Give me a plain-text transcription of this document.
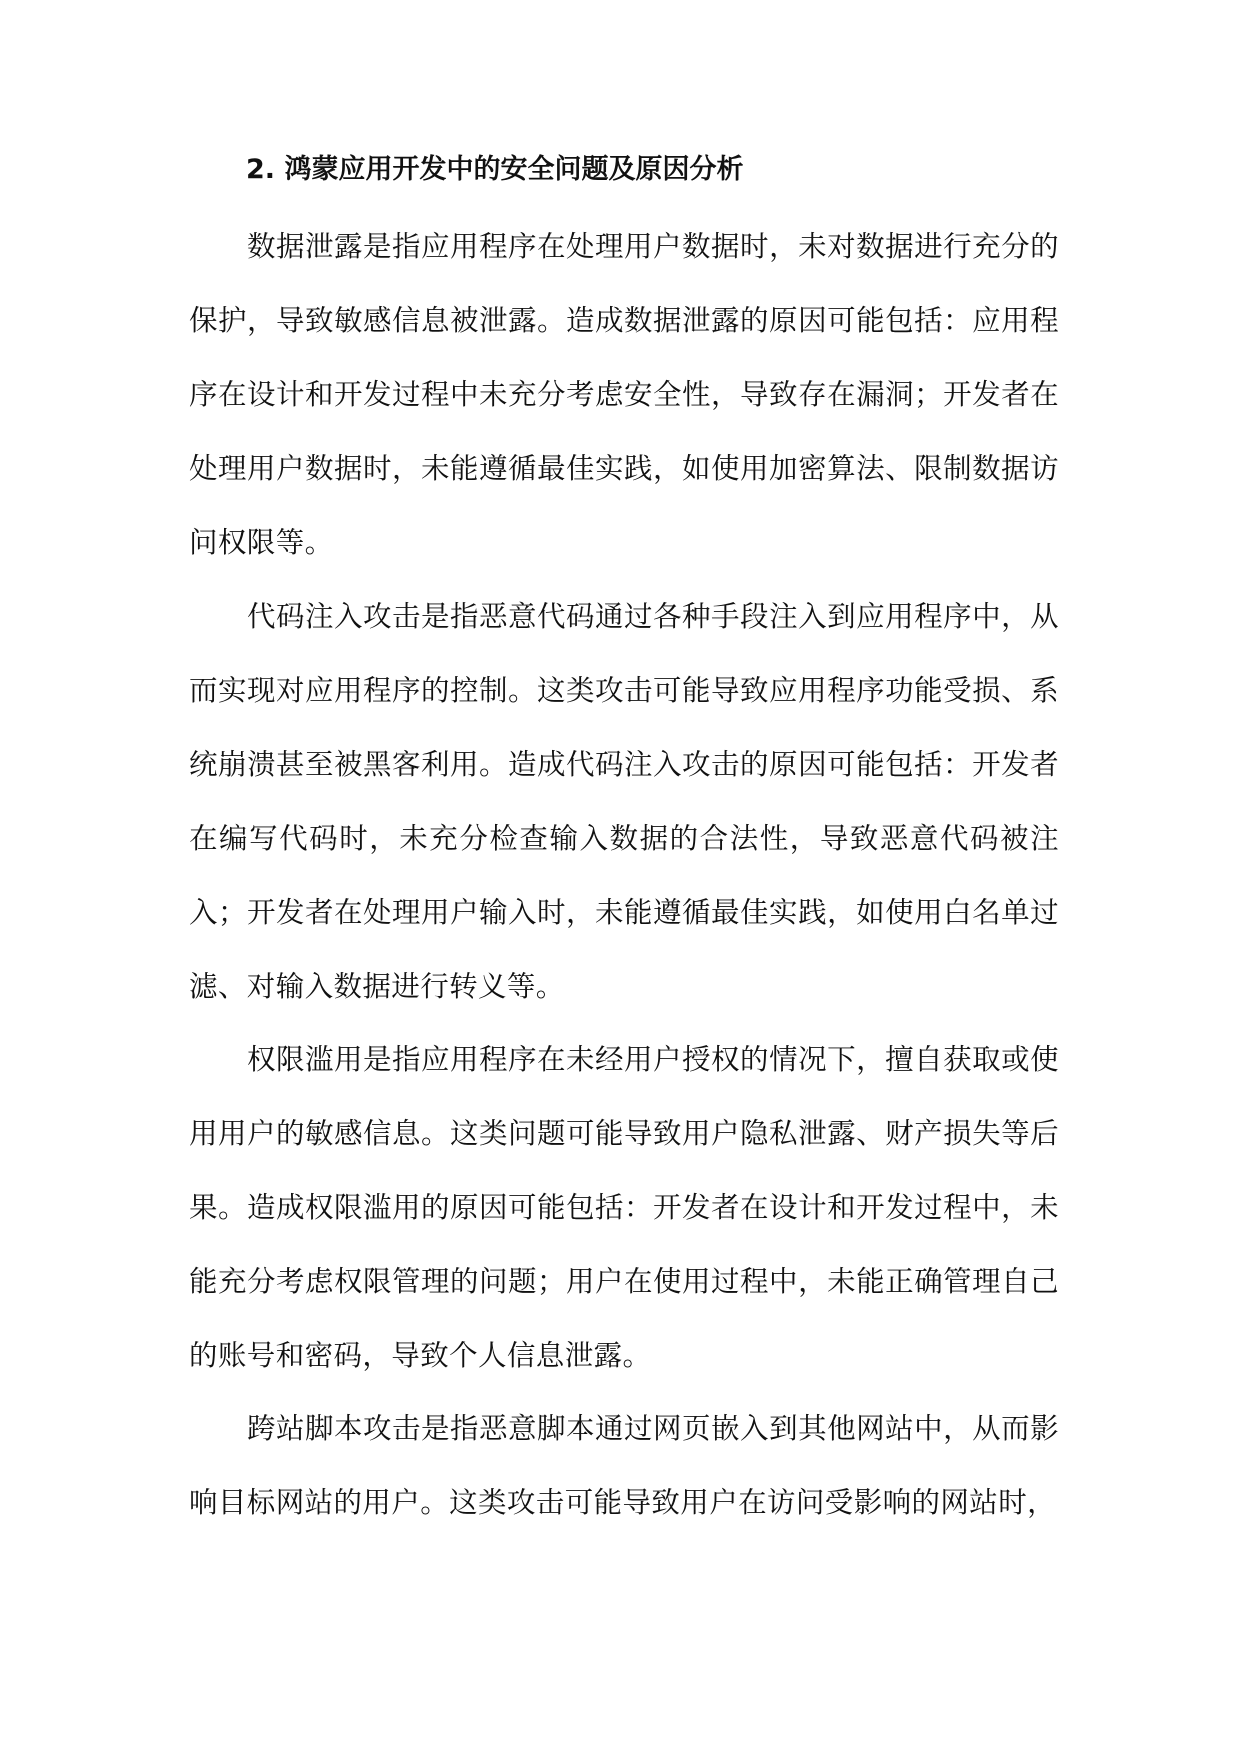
2. 鸿蒙应用开发中的安全问题及原因分析

数据泄露是指应用程序在处理用户数据时，未对数据进行充分的保护，导致敏感信息被泄露。造成数据泄露的原因可能包括：应用程序在设计和开发过程中未充分考虑安全性，导致存在漏洞；开发者在处理用户数据时，未能遵循最佳实践，如使用加密算法、限制数据访问权限等。

代码注入攻击是指恶意代码通过各种手段注入到应用程序中，从而实现对应用程序的控制。这类攻击可能导致应用程序功能受损、系统崩溃甚至被黑客利用。造成代码注入攻击的原因可能包括：开发者在编写代码时，未充分检查输入数据的合法性，导致恶意代码被注入；开发者在处理用户输入时，未能遵循最佳实践，如使用白名单过滤、对输入数据进行转义等。

权限滥用是指应用程序在未经用户授权的情况下，擅自获取或使用用户的敏感信息。这类问题可能导致用户隐私泄露、财产损失等后果。造成权限滥用的原因可能包括：开发者在设计和开发过程中，未能充分考虑权限管理的问题；用户在使用过程中，未能正确管理自己的账号和密码，导致个人信息泄露。

跨站脚本攻击是指恶意脚本通过网页嵌入到其他网站中，从而影响目标网站的用户。这类攻击可能导致用户在访问受影响的网站时，
